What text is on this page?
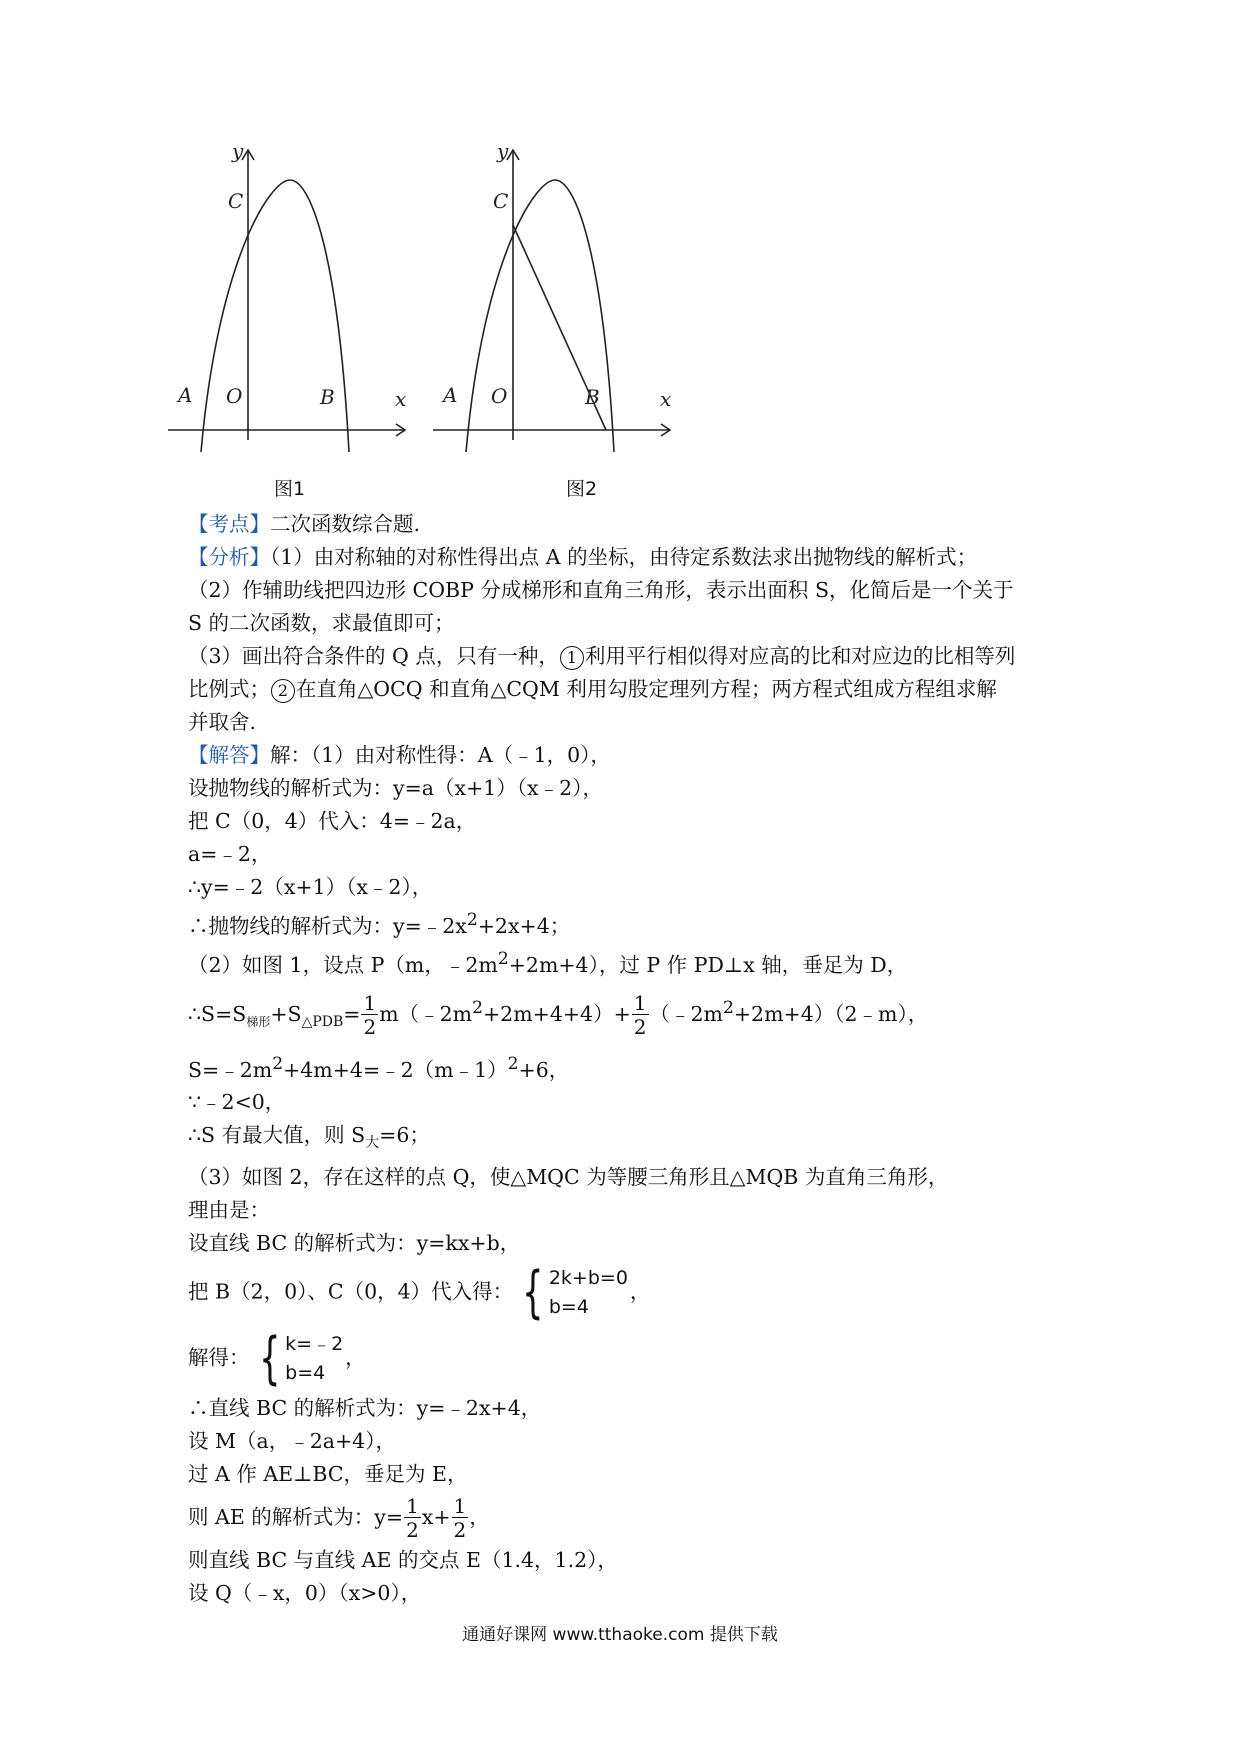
y
C
A O	B	x
图1
y
C
A O	B	x
图2
【考点】二次函数综合题.
【分析】（1）由对称轴的对称性得出点 A 的坐标，由待定系数法求出抛物线的解析式；
（2）作辅助线把四边形 COBP 分成梯形和直角三角形，表示出面积 S，化简后是一个关于
S 的二次函数，求最值即可；
（3）画出符合条件的 Q 点，只有一种， 1 利用平行相似得对应高的比和对应边的比相等列
比例式； 2 在直角△OCQ 和直角△CQM 利用勾股定理列方程；两方程式组成方程组求解
并取舍.
【解答】解：（1）由对称性得：A（﹣1，0），
设抛物线的解析式为：y=a（x+1）（x﹣2），
把 C（0，4）代入：4=﹣2a，
a=﹣2，
∴y=﹣2（x+1）（x﹣2），
∴抛物线的解析式为：$y=﹣2x^2+2x+4$；
（2）如图 1，设点 P（m，$﹣2m^2+2m+4$），过 P 作 PD⊥x 轴，垂足为 D，
$\therefore S=S_{梯形}+S_{\triangle PDB}= \frac{1}{2}$ $m(﹣2m^2+2m+4+4)+ \frac{1}{2}$ $(﹣2m^2+2m+4)(2﹣m)$，
$S=﹣2m^2+4m+4=﹣2(m﹣1)^2+6$，
∵﹣2<0，
∴S 有最大值，则 $S_大=6$；
（3）如图 2，存在这样的点 Q，使△MQC 为等腰三角形且△MQB 为直角三角形，
理由是：
设直线 BC 的解析式为：y=kx+b，
把 B（2，0）、C（0，4）代入得： { 2k+b=0
b=4
，
解得： { k=﹣2
b=4
，
∴直线 BC 的解析式为：y=﹣2x+4，
设 M（a，﹣2a+4），
过 A 作 AE⊥BC，垂足为 E，
则 AE 的解析式为：$y= \frac{1}{2} x+ \frac{1}{2}$ ，
则直线 BC 与直线 AE 的交点 E（1.4，1.2），
设 Q（﹣x，0）（x>0），
通通好课网 www.tthaoke.com 提供下载
